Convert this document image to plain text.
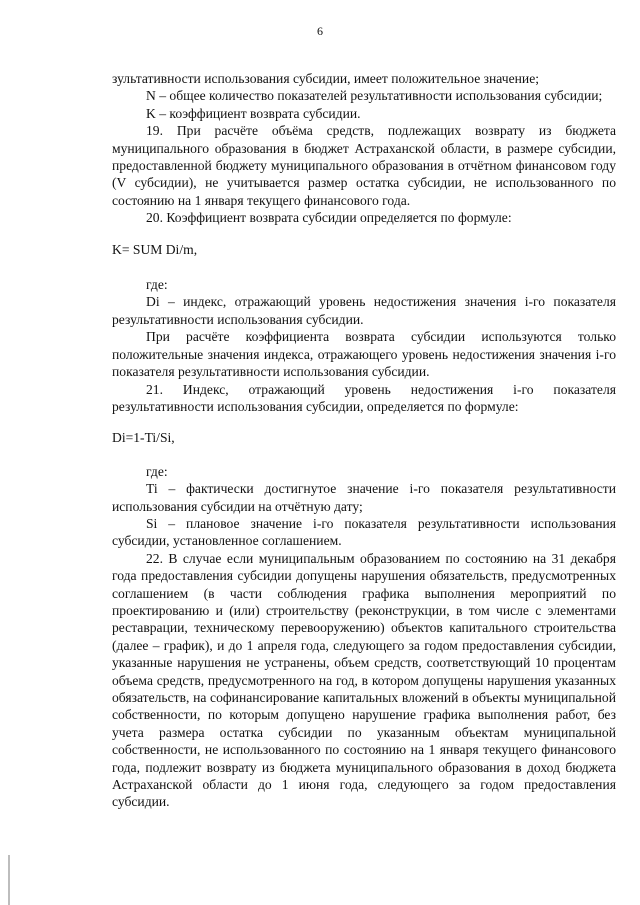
6

зультативности использования субсидии, имеет положительное значение;

N – общее количество показателей результативности использования субсидии;

K – коэффициент возврата субсидии.

19. При расчёте объёма средств, подлежащих возврату из бюджета муниципального образования в бюджет Астраханской области, в размере субсидии, предоставленной бюджету муниципального образования в отчётном финансовом году (V субсидии), не учитывается размер остатка субсидии, не использованного по состоянию на 1 января текущего финансового года.

20. Коэффициент возврата субсидии определяется по формуле:

K= SUM Di/m,

где:

Di – индекс, отражающий уровень недостижения значения i-го показателя результативности использования субсидии.

При расчёте коэффициента возврата субсидии используются только положительные значения индекса, отражающего уровень недостижения значения i-го показателя результативности использования субсидии.

21. Индекс, отражающий уровень недостижения i-го показателя результативности использования субсидии, определяется по формуле:

Di=1-Ti/Si,

где:

Ti – фактически достигнутое значение i-го показателя результативности использования субсидии на отчётную дату;

Si – плановое значение i-го показателя результативности использования субсидии, установленное соглашением.

22. В случае если муниципальным образованием по состоянию на 31 декабря года предоставления субсидии допущены нарушения обязательств, предусмотренных соглашением (в части соблюдения графика выполнения мероприятий по проектированию и (или) строительству (реконструкции, в том числе с элементами реставрации, техническому перевооружению) объектов капитального строительства (далее – график), и до 1 апреля года, следующего за годом предоставления субсидии, указанные нарушения не устранены, объем средств, соответствующий 10 процентам объема средств, предусмотренного на год, в котором допущены нарушения указанных обязательств, на софинансирование капитальных вложений в объекты муниципальной собственности, по которым допущено нарушение графика выполнения работ, без учета размера остатка субсидии по указанным объектам муниципальной собственности, не использованного по состоянию на 1 января текущего финансового года, подлежит возврату из бюджета муниципального образования в доход бюджета Астраханской области до 1 июня года, следующего за годом предоставления субсидии.
